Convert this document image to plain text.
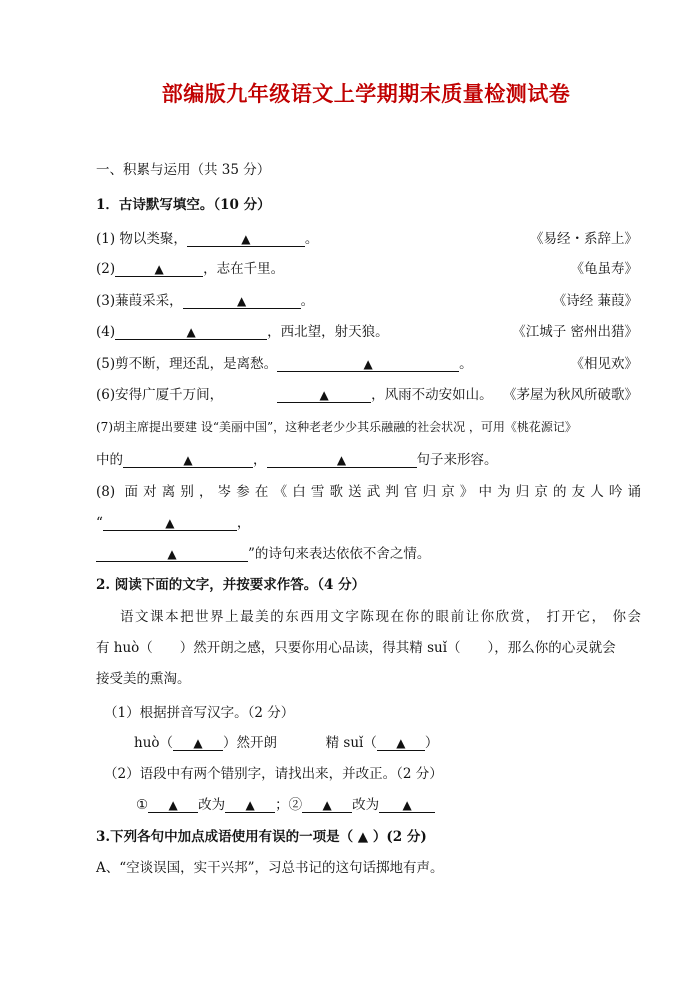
部编版九年级语文上学期期末质量检测试卷
一、积累与运用（共 35 分）
1．古诗默写填空。（10 分）
(1) 物以类聚，	▲	。	《易经・系辞上》
(2)	▲	，志在千里。	《龟虽寿》
(3)蒹葭采采，	▲	。	《诗经 蒹葭》
(4)	▲	，西北望，射天狼。	《江城子 密州出猎》
(5)剪不断，理还乱，是离愁。	▲	。	《相见欢》
(6)安得广厦千万间，	▲	，风雨不动安如山。 《茅屋为秋风所破歌》
(7)胡主席提出要建 设“美丽中国”，这种老老少少其乐融融的社会状况 ，可用《桃花源记》
中的	▲	，	▲	句子来形容。
(8) 面对离别，岑参在《白雪歌送武判官归京》中为归京的友人吟诵
“	▲	，
▲	”的诗句来表达依依不舍之情。
2. 阅读下面的文字，并按要求作答。（4 分）
语文课本把世界上最美的东西用文字陈现在你的眼前让你欣赏， 打开它， 你会
有 huò（　　）然开朗之感，只要你用心品读，得其精 suǐ（　　），那么你的心灵就会
接受美的熏淘。
（1）根据拼音写汉字。（2 分）
huò（ ▲ ）然开朗	精 suǐ（ ▲ ）
（2）语段中有两个错别字，请找出来，并改正。（2 分）
① ▲ 改为 ▲ ；② ▲ 改为 ▲
3.下列各句中加点成语使用有误的一项是（ ▲ ）(2 分)
A、“空谈误国，实干兴邦”，习总书记的这句话掷地有声。
